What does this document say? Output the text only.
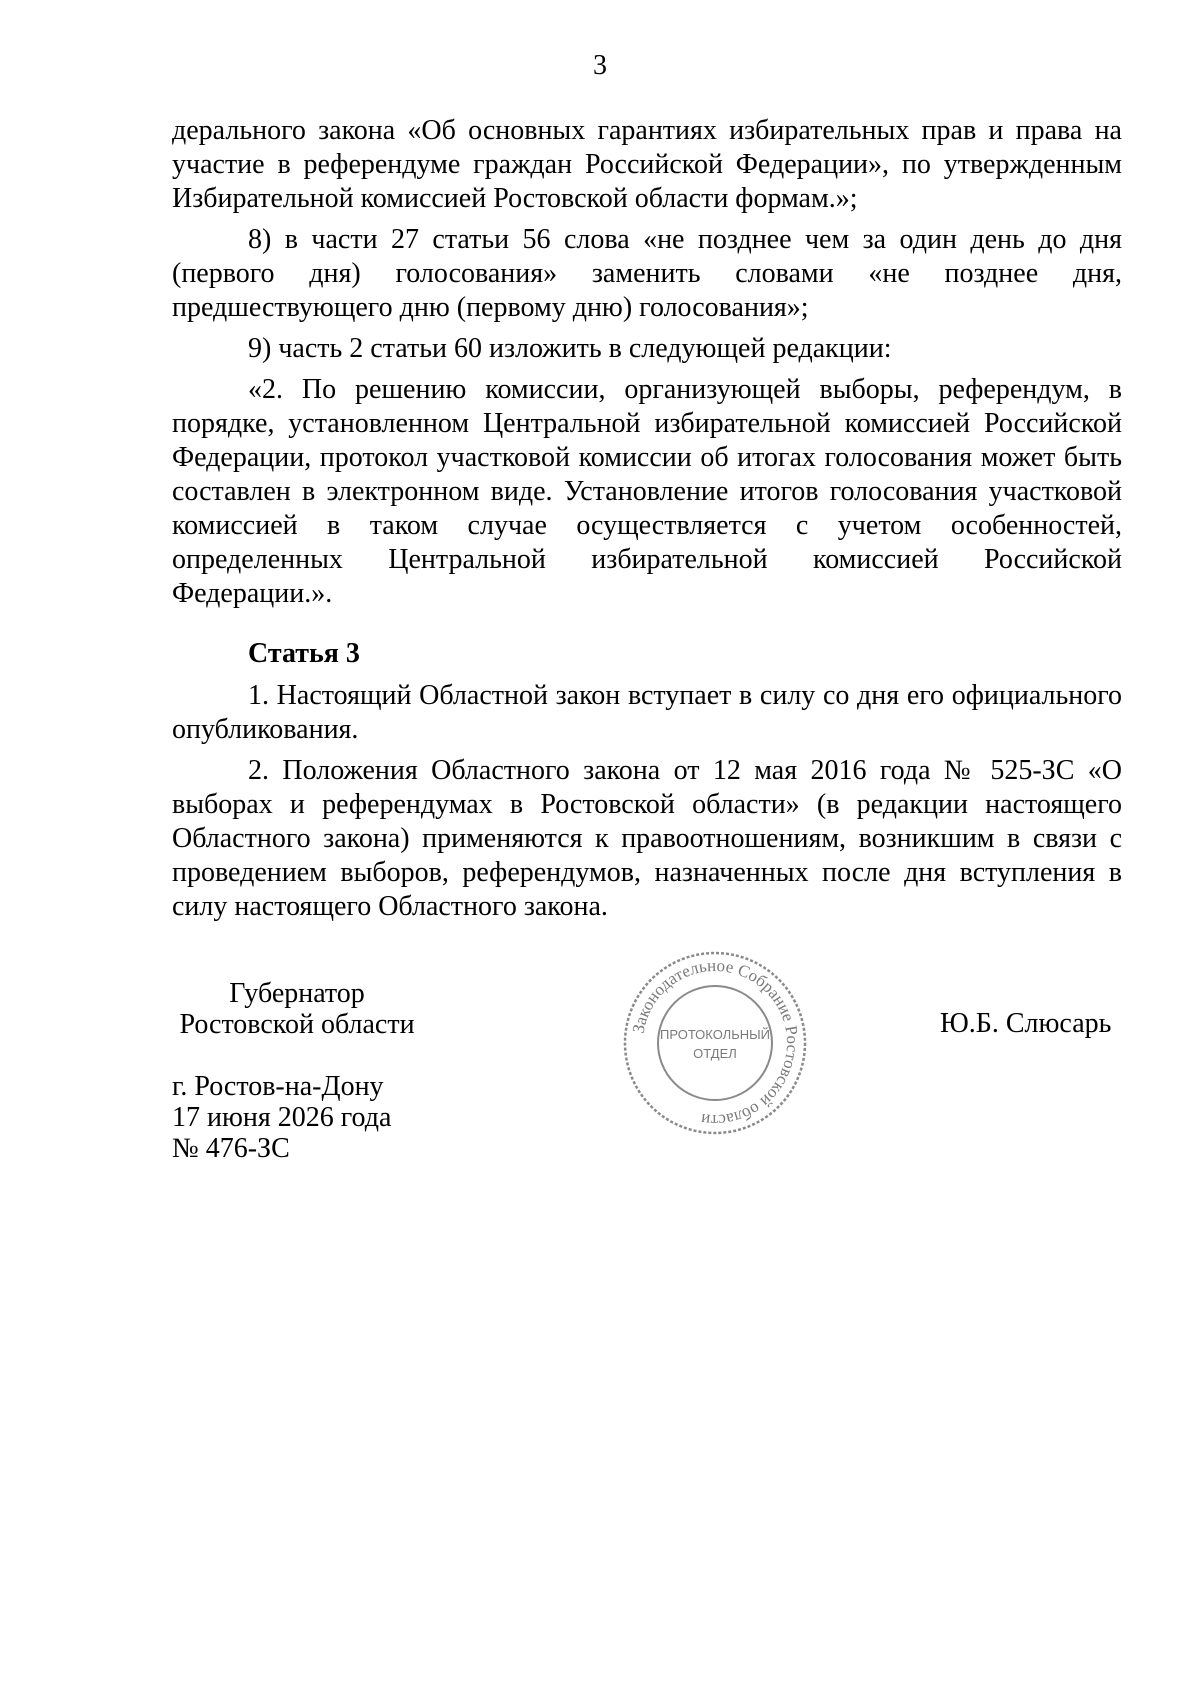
3

дерального закона «Об основных гарантиях избирательных прав и права на участие в референдуме граждан Российской Федерации», по утвержденным Избирательной комиссией Ростовской области формам.»;

8) в части 27 статьи 56 слова «не позднее чем за один день до дня (первого дня) голосования» заменить словами «не позднее дня, предшествующего дню (первому дню) голосования»;

9) часть 2 статьи 60 изложить в следующей редакции:

«2. По решению комиссии, организующей выборы, референдум, в порядке, установленном Центральной избирательной комиссией Российской Федерации, протокол участковой комиссии об итогах голосования может быть составлен в электронном виде. Установление итогов голосования участковой комиссией в таком случае осуществляется с учетом особенностей, определенных Центральной избирательной комиссией Российской Федерации.».

Статья 3

1. Настоящий Областной закон вступает в силу со дня его официального опубликования.

2. Положения Областного закона от 12 мая 2016 года № 525-ЗС «О выборах и референдумах в Ростовской области» (в редакции настоящего Областного закона) применяются к правоотношениям, возникшим в связи с проведением выборов, референдумов, назначенных после дня вступления в силу настоящего Областного закона.

Губернатор
Ростовской области	Ю.Б. Слюсарь
г. Ростов-на-Дону
17 июня 2026 года
№ 476-ЗС
Законодательное Собрание Ростовской области
ПРОТОКОЛЬНЫЙ
ОТДЕЛ
